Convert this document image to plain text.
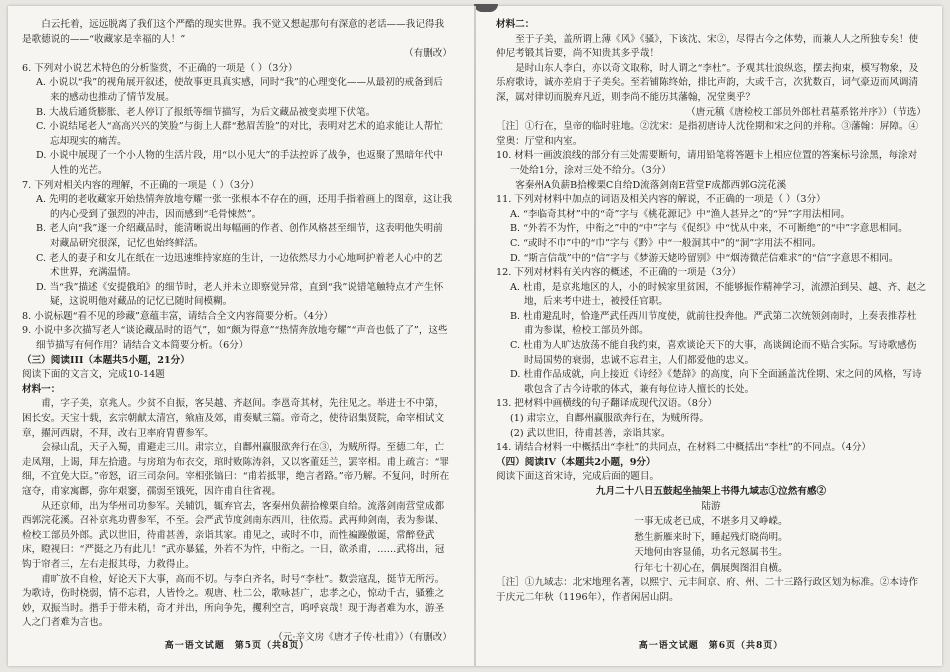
白云托着，远远脱离了我们这个严酷的现实世界。我不觉又想起那句有深意的老话——我记得我是歌德说的——“收藏家是幸福的人！”

（有删改）

6. 下列对小说艺术特色的分析鉴赏，不正确的一项是（ ）（3分）

A. 小说以“我”的视角展开叙述，使故事更具真实感，同时“我”的心理变化——从最初的戒备到后来的感动也推动了情节发展。

B. 大战后通货膨胀、老人停订了报纸等细节描写，为后文藏品被变卖埋下伏笔。

C. 小说结尾老人“高高兴兴的笑脸”与街上人群“愁眉苦脸”的对比，表明对艺术的追求能让人帮忙忘却现实的痛苦。

D. 小说中展现了一个小人物的生活片段，用“以小见大”的手法控诉了战争，也返聚了黑暗年代中人性的光芒。

7. 下列对相关内容的理解，不正确的一项是（ ）（3分）

A. 先明的老收藏家开始热情奔放地夸耀一张一张根本不存在的画，还用手指着画上的图章，这让我的内心受到了强烈的冲击，因而感到“毛骨悚然”。

B. 老人向“我”逐一介绍藏品时，能清晰说出每幅画的作者、创作风格甚至细节，这表明他失明前对藏品研究很深，记忆也始终鲜活。

C. 老人的妻子和女儿在纸在一边迅速维持家庭的生计，一边依然尽力小心地呵护着老人心中的艺术世界，充满温情。

D. 当“我”描述《安提俄珀》的细节时，老人并未立即察觉异常，直到“我”说错笔触特点才产生怀疑，这说明他对藏品的记忆已随时间模糊。

8. 小说标题“看不见的珍藏”意蕴丰富，请结合全文内容简要分析。（4分）

9. 小说中多次描写老人“谈论藏品时的语气”，如“颇为得意”“热情奔放地夸耀”“声音也低了了”，这些细节描写有何作用？请结合文本简要分析。（6分）

（三）阅读III（本题共5小题，21分）

阅读下面的文言文，完成10-14题

材料一：

甫，字子美，京兆人。少贫不自振，客吴越、齐赵间。李邕奇其材，先往见之。举进士不中第，困长安。天宝十载，玄宗朝献太清宫，飨庙及郊，甫奏赋三篇。帝奇之，使待诏集贤院，命宰相试文章，擢河西尉，不拜，改右卫率府胄曹参军。

会禄山乱，天子入蜀，甫避走三川。肃宗立，自鄜州赢服欲奔行在③，为贼所得。至德二年，亡走凤翔，上谒，拜左拾遗。与房琯为布衣交，琯时败陈涛斜，又以客董廷兰，罢宰相。甫上疏言：“罪细，不宜免大臣。”帝怒，诏三司杂问。宰相张镐曰：“甫若抵罪，绝言者路。”帝乃解。不复问，时所在寇夺，甫家寓鄜，弥年艰窭，孺弱至饿死，因许甫自往省视。

从还京师，出为华州司功参军。关辅饥，辄弃官去，客秦州负薪拾橡栗自给。流落剑南营堂成都西郭浣花溪。召补京兆功曹参军，不至。会严武节度剑南东西川，往依焉。武再帅剑南，表为参谋、检校工部员外郎。武以世旧，待甫甚善，亲诣其家。甫见之，或时不巾，而性褊躁傲诞，常醉登武床，瞪视曰：“严挺之乃有此儿！”武亦暴猛，外若不为忤，中衔之。一日，欲杀甫，……武将出，冠钩于帘者三，左右走报其母，力救得止。

甫旷放不自检，好论天下大事，高而不切。与李白齐名，时号“李杜”。数尝寇乱，挺节无所污。为歌诗，伤时桡弱，情不忘君，人皆怜之。观唐、杜二公，歌咏甚广，忠孝之心，惊动千古，骚雅之妙，双振当时。揩手于带未稍，奇才并出，所向争先，攫利空言，呜呼哀哉！现于海者难为水，游圣人之门者难为言也。

（元·辛文房《唐才子传·杜甫》）（有删改）

高一语文试题　第5页（共8页）

材料二：

至于子美，盖所谓上薄《风》《骚》，下该沈、宋②，尽得古今之体势，而兼人人之所独专矣！使仲尼考锻其旨要，尚不知贵其多乎哉！

是时山东人李白，亦以奇文取称，时人谓之“李杜”。予观其壮浪纵恣，摆去拘束，模写物象，及乐府歌诗，诚亦差肩于子美矣。至若铺陈终始，排比声韵，大或千言，次犹数百，词气豪迈而风调清深，属对律切而脱弃凡近，则李尚不能历其藩翰，况堂奥乎？

（唐元稹《唐检校工部员外郎杜君墓系铭并序》）（节选）

［注］①行在，皇帝的临时驻地。②沈宋：是指初唐诗人沈佺期和宋之问的并称。③藩翰：屏障。④堂奥：厅堂和内室。

10. 材料一画波浪线的部分有三处需要断句，请用铅笔将答题卡上相应位置的答案标号涂黑，每涂对一处给1分，涂对三处不给分。（3分）

客秦州A负薪B拾橡栗C自给D流落剑南E营堂F成都西郭G浣花溪

11. 下列对材料中加点的词语及相关内容的解说，不正确的一项是（ ）（3分）

A. “李临奇其材”中的“奇”字与《桃花源记》中“渔人甚异之”的“异”字用法相同。

B. “外若不为忤，中衔之”中的“中”字与《促织》中“忧从中来，不可断绝”的“中”字意思相同。

C. “或时不巾”中的“巾”字与《黔》中“一般洞其中”的“洞”字用法不相同。

D. “斯言信哉”中的“信”字与《梦游天姥吟留别》中“烟涛微茫信难求”的“信”字意思不相同。

12. 下列对材料有关内容的概述，不正确的一项是（3分）

A. 杜甫，是京兆地区的人，小的时候家里贫困，不能够振作精神学习，流漂泊到吴、越、齐、赵之地，后来考中进士，被授任官职。

B. 杜甫避乱时，恰逢严武任西川节度使，就前往投奔他。严武第二次统领剑南时，上奏表推荐杜甫为参谋，检校工部员外郎。

C. 杜甫为人旷达放荡不能自我约束，喜欢谈论天下的大事，高谈阔论而不贴合实际。写诗歌感伤时局国势的衰弱，忠诚不忘君主，人们都爱他的忠义。

D. 杜甫作品成就，向上接近《诗经》《楚辞》的高度，向下全面涵盖沈佺期、宋之问的风格，写诗歌包含了古今诗歌的体式，兼有每位诗人擅长的长处。

13. 把材料中画横线的句子翻译成现代汉语。（8分）

(1) 肃宗立，自鄜州赢服欲奔行在，为贼所得。

(2) 武以世旧，待甫甚善，亲诣其家。

14. 请结合材料一中概括出“李杜”的共同点，在材料二中概括出“李杜”的不同点。（4分）

（四）阅读IV（本题共2小题，9分）

阅读下面这首宋诗，完成后面的题目。

九月二十八日五鼓起坐抽架上书得九域志①泣然有感②

陆游

一事无成老已成，不堪多月又峥嵘。

愁生新雁来时下，睡起残灯晓尚明。

天地何由容显俑，功名元怒属书生。

行年七十初心在，偶展舆图泪自横。

［注］①九域志：北宋地理名著，以熙宁、元丰间京、府、州、二十三路行政区划为标准。②本诗作于庆元二年秋（1196年），作者闲居山阴。

高一语文试题　第6页（共8页）
